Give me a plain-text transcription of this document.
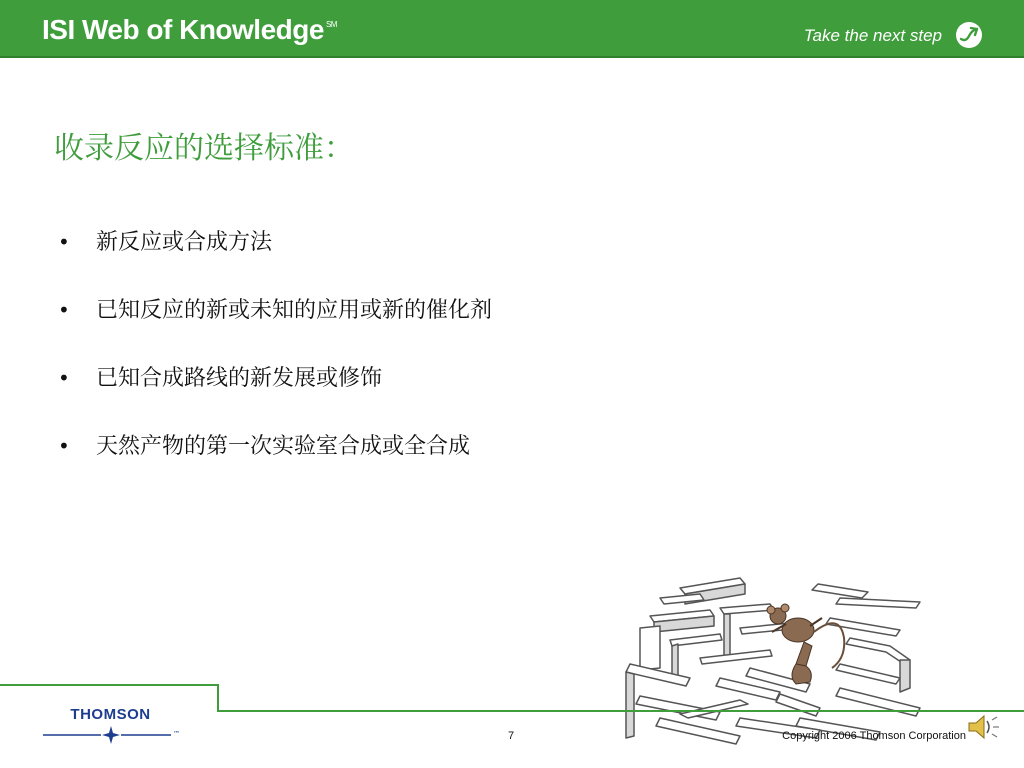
ISI Web of Knowledge ℠
Take the next step
收录反应的选择标准：
• 新反应或合成方法
• 已知反应的新或未知的应用或新的催化剂
• 已知合成路线的新发展或修饰
• 天然产物的第一次实验室合成或全合成
THOMSON
™	7	Copyright 2006 Thomson Corporation
